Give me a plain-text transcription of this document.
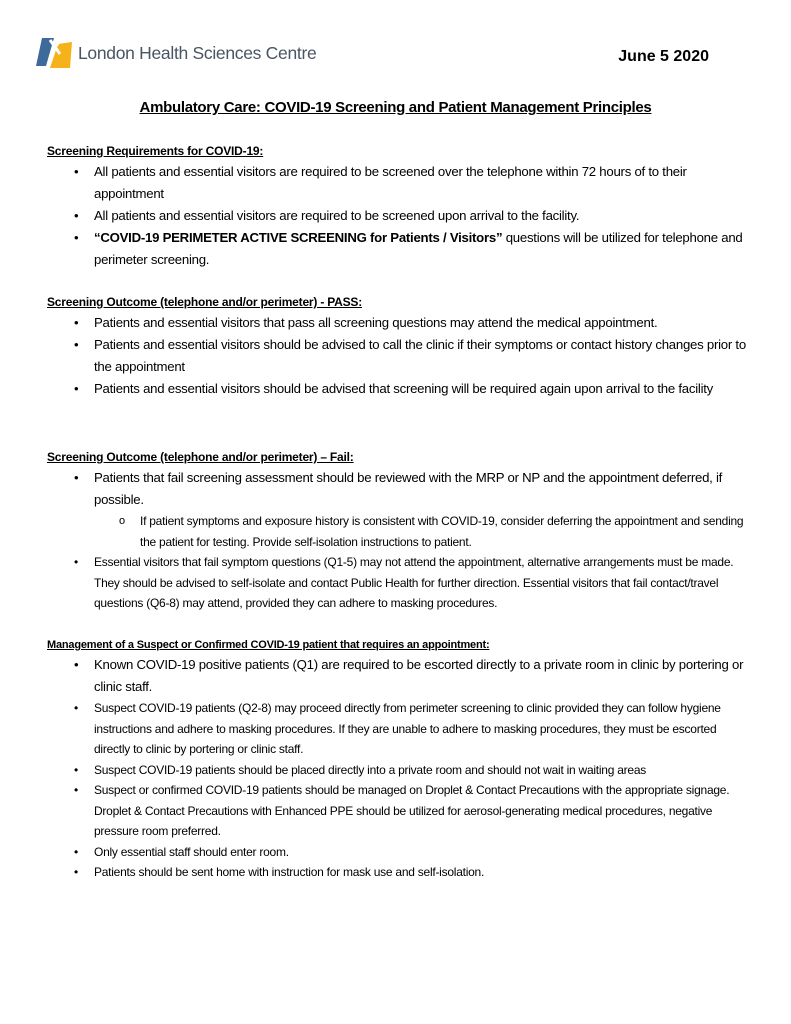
London Health Sciences Centre	June 5 2020
Ambulatory Care: COVID-19 Screening and Patient Management Principles
Screening Requirements for COVID-19:
• All patients and essential visitors are required to be screened over the telephone within 72 hours of to their appointment
• All patients and essential visitors are required to be screened upon arrival to the facility.
• “COVID-19 PERIMETER ACTIVE SCREENING for Patients / Visitors” questions will be utilized for telephone and perimeter screening.
Screening Outcome (telephone and/or perimeter) - PASS:
• Patients and essential visitors that pass all screening questions may attend the medical appointment.
• Patients and essential visitors should be advised to call the clinic if their symptoms or contact history changes prior to the appointment
• Patients and essential visitors should be advised that screening will be required again upon arrival to the facility
Screening Outcome (telephone and/or perimeter) – Fail:
• Patients that fail screening assessment should be reviewed with the MRP or NP and the appointment deferred, if possible.
o If patient symptoms and exposure history is consistent with COVID-19, consider deferring the appointment and sending the patient for testing. Provide self-isolation instructions to patient.
• Essential visitors that fail symptom questions (Q1-5) may not attend the appointment, alternative arrangements must be made. They should be advised to self-isolate and contact Public Health for further direction. Essential visitors that fail contact/travel questions (Q6-8) may attend, provided they can adhere to masking procedures.
Management of a Suspect or Confirmed COVID-19 patient that requires an appointment:
• Known COVID-19 positive patients (Q1) are required to be escorted directly to a private room in clinic by portering or clinic staff.
• Suspect COVID-19 patients (Q2-8) may proceed directly from perimeter screening to clinic provided they can follow hygiene instructions and adhere to masking procedures. If they are unable to adhere to masking procedures, they must be escorted directly to clinic by portering or clinic staff.
• Suspect COVID-19 patients should be placed directly into a private room and should not wait in waiting areas
• Suspect or confirmed COVID-19 patients should be managed on Droplet & Contact Precautions with the appropriate signage. Droplet & Contact Precautions with Enhanced PPE should be utilized for aerosol-generating medical procedures, negative pressure room preferred.
• Only essential staff should enter room.
• Patients should be sent home with instruction for mask use and self-isolation.
